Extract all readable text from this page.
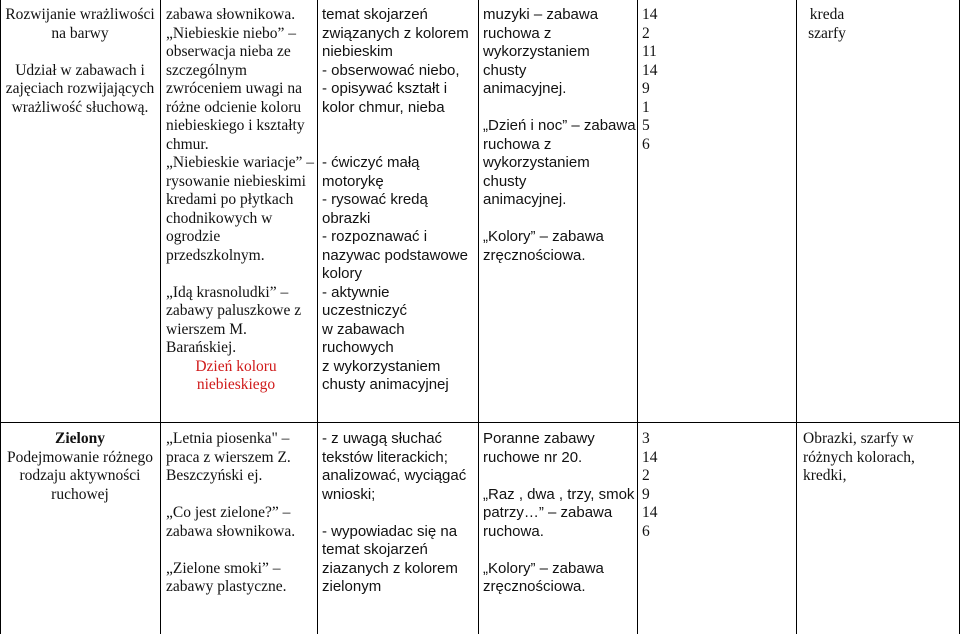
Rozwijanie wrażliwości
na barwy

Udział w zabawach i
zajęciach rozwijających
wrażliwość słuchową.

zabawa słownikowa.

„Niebieskie niebo” –
obserwacja nieba ze
szczególnym
zwróceniem uwagi na
różne odcienie koloru
niebieskiego i kształty
chmur.

„Niebieskie wariacje” –
rysowanie niebieskimi
kredami po płytkach
chodnikowych w
ogrodzie
przedszkolnym.

„Idą krasnoludki” –
zabawy paluszkowe z
wierszem M.
Barańskiej.

Dzień koloru
niebieskiego

temat skojarzeń
związanych z kolorem
niebieskim
- obserwować niebo,
- opisywać kształt i
kolor chmur, nieba

- ćwiczyć małą
motorykę
- rysować kredą obrazki
- rozpoznawać i
nazywac podstawowe
kolory
- aktywnie uczestniczyć
w zabawach ruchowych
z wykorzystaniem
chusty animacyjnej

muzyki – zabawa
ruchowa z
wykorzystaniem chusty
animacyjnej.

„Dzień i noc” – zabawa
ruchowa z
wykorzystaniem chusty
animacyjnej.

„Kolory” – zabawa
zręcznościowa.

14
2
11
14
9
1
5
6

kreda
szarfy

Zielony

Podejmowanie różnego
rodzaju aktywności
ruchowej

„Letnia piosenka" –
praca z wierszem Z.
Beszczyński ej.

„Co jest zielone?” –
zabawa słownikowa.

„Zielone smoki” –
zabawy plastyczne.

- z uwagą słuchać
tekstów literackich;
analizować, wyciągać
wnioski;

- wypowiadac się na
temat skojarzeń
ziazanych z kolorem
zielonym

Poranne zabawy
ruchowe nr 20.

„Raz , dwa , trzy, smok
patrzy…” – zabawa
ruchowa.

„Kolory” – zabawa
zręcznościowa.

3
14
2
9
14
6

Obrazki, szarfy w
różnych kolorach,
kredki,
